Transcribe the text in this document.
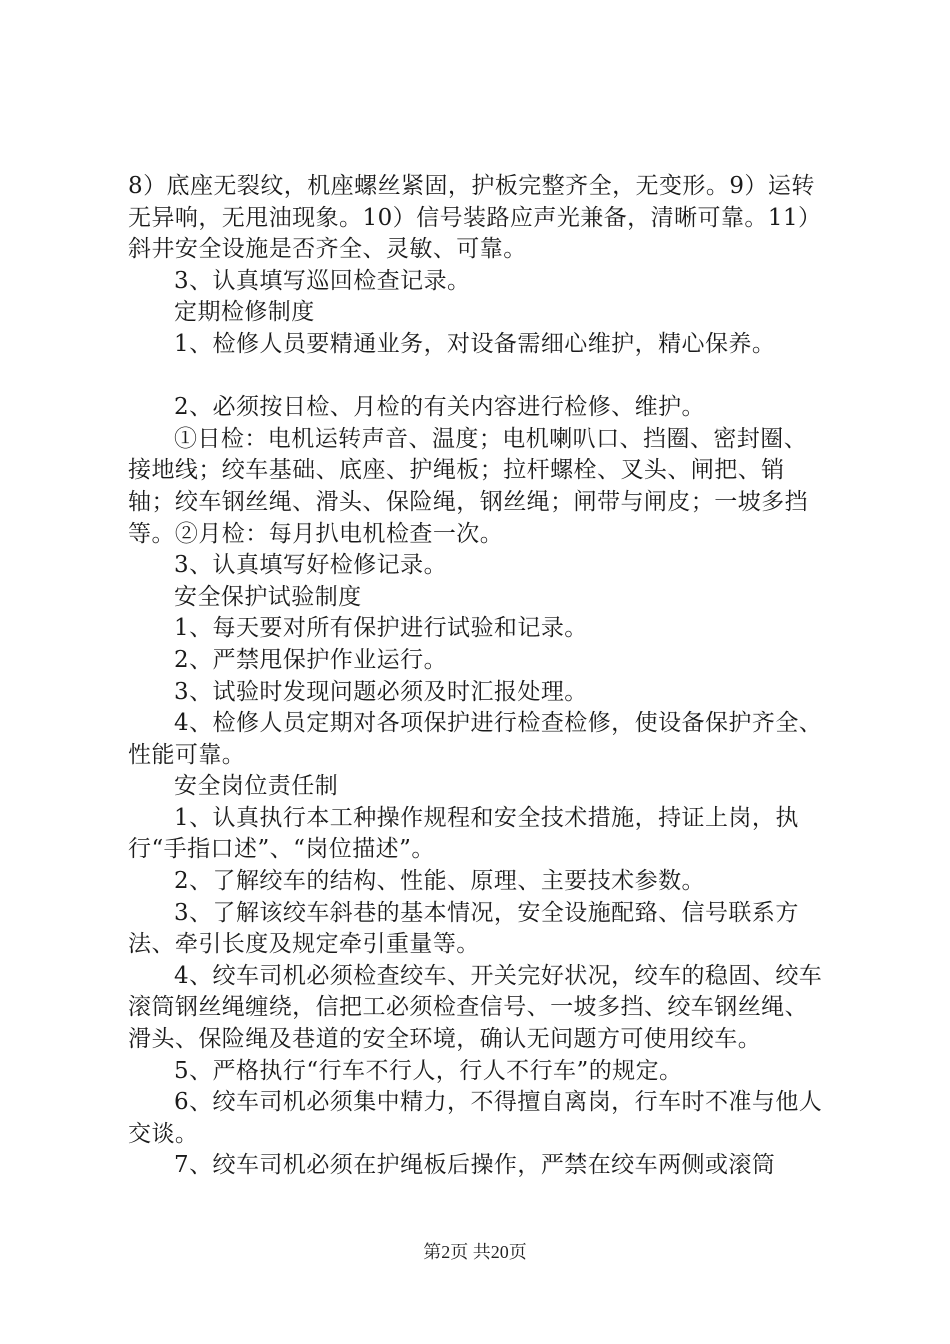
8）底座无裂纹，机座螺丝紧固，护板完整齐全，无变形。9）运转无异响，无甩油现象。10）信号装路应声光兼备，清晰可靠。11）斜井安全设施是否齐全、灵敏、可靠。

3、认真填写巡回检查记录。

定期检修制度

1、检修人员要精通业务，对设备需细心维护，精心保养。

2、必须按日检、月检的有关内容进行检修、维护。

①日检：电机运转声音、温度；电机喇叭口、挡圈、密封圈、接地线；绞车基础、底座、护绳板；拉杆螺栓、叉头、闸把、销轴；绞车钢丝绳、滑头、保险绳，钢丝绳；闸带与闸皮；一坡多挡等。②月检：每月扒电机检查一次。

3、认真填写好检修记录。

安全保护试验制度

1、每天要对所有保护进行试验和记录。

2、严禁甩保护作业运行。

3、试验时发现问题必须及时汇报处理。

4、检修人员定期对各项保护进行检查检修，使设备保护齐全、性能可靠。

安全岗位责任制

1、认真执行本工种操作规程和安全技术措施，持证上岗，执行“手指口述”、“岗位描述”。

2、了解绞车的结构、性能、原理、主要技术参数。

3、了解该绞车斜巷的基本情况，安全设施配臵、信号联系方法、牵引长度及规定牵引重量等。

4、绞车司机必须检查绞车、开关完好状况，绞车的稳固、绞车滚筒钢丝绳缠绕，信把工必须检查信号、一坡多挡、绞车钢丝绳、滑头、保险绳及巷道的安全环境，确认无问题方可使用绞车。

5、严格执行“行车不行人，行人不行车”的规定。

6、绞车司机必须集中精力，不得擅自离岗，行车时不准与他人交谈。

7、绞车司机必须在护绳板后操作，严禁在绞车两侧或滚筒

第2页 共20页
